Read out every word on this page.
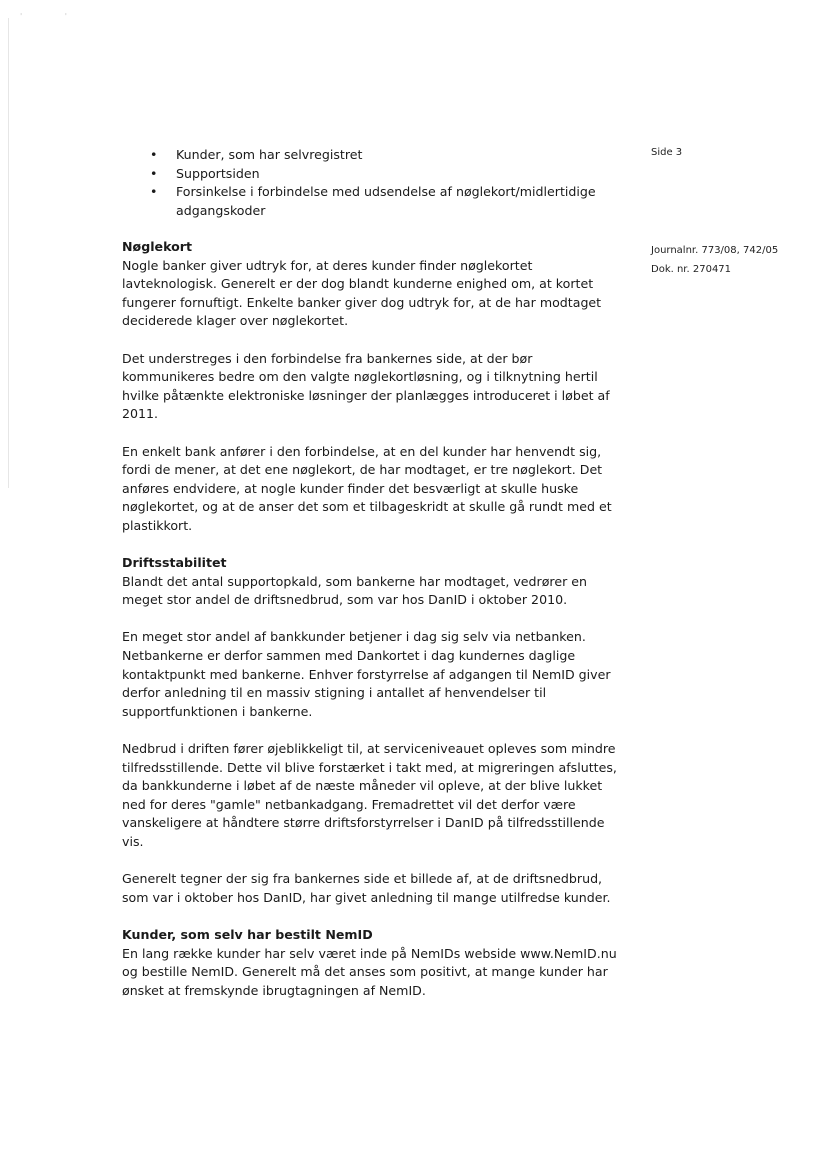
' '
Side 3
Journalnr. 773/08, 742/05
Dok. nr. 270471
• Kunder, som har selvregistret
• Supportsiden
• Forsinkelse i forbindelse med udsendelse af nøglekort/midlertidige adgangskoder
Nøglekort

Nogle banker giver udtryk for, at deres kunder finder nøglekortet lavteknologisk. Generelt er der dog blandt kunderne enighed om, at kortet fungerer fornuftigt. Enkelte banker giver dog udtryk for, at de har modtaget deciderede klager over nøglekortet.

Det understreges i den forbindelse fra bankernes side, at der bør kommunikeres bedre om den valgte nøglekortløsning, og i tilknytning hertil hvilke påtænkte elektroniske løsninger der planlægges introduceret i løbet af 2011.

En enkelt bank anfører i den forbindelse, at en del kunder har henvendt sig, fordi de mener, at det ene nøglekort, de har modtaget, er tre nøglekort. Det anføres endvidere, at nogle kunder finder det besværligt at skulle huske nøglekortet, og at de anser det som et tilbageskridt at skulle gå rundt med et plastikkort.

Driftsstabilitet

Blandt det antal supportopkald, som bankerne har modtaget, vedrører en meget stor andel de driftsnedbrud, som var hos DanID i oktober 2010.

En meget stor andel af bankkunder betjener i dag sig selv via netbanken. Netbankerne er derfor sammen med Dankortet i dag kundernes daglige kontaktpunkt med bankerne. Enhver forstyrrelse af adgangen til NemID giver derfor anledning til en massiv stigning i antallet af henvendelser til supportfunktionen i bankerne.

Nedbrud i driften fører øjeblikkeligt til, at serviceniveauet opleves som mindre tilfredsstillende. Dette vil blive forstærket i takt med, at migreringen afsluttes, da bankkunderne i løbet af de næste måneder vil opleve, at der blive lukket ned for deres "gamle" netbankadgang. Fremadrettet vil det derfor være vanskeligere at håndtere større driftsforstyrrelser i DanID på tilfredsstillende vis.

Generelt tegner der sig fra bankernes side et billede af, at de driftsnedbrud, som var i oktober hos DanID, har givet anledning til mange utilfredse kunder.

Kunder, som selv har bestilt NemID

En lang række kunder har selv været inde på NemIDs webside www.NemID.nu og bestille NemID. Generelt må det anses som positivt, at mange kunder har ønsket at fremskynde ibrugtagningen af NemID.
